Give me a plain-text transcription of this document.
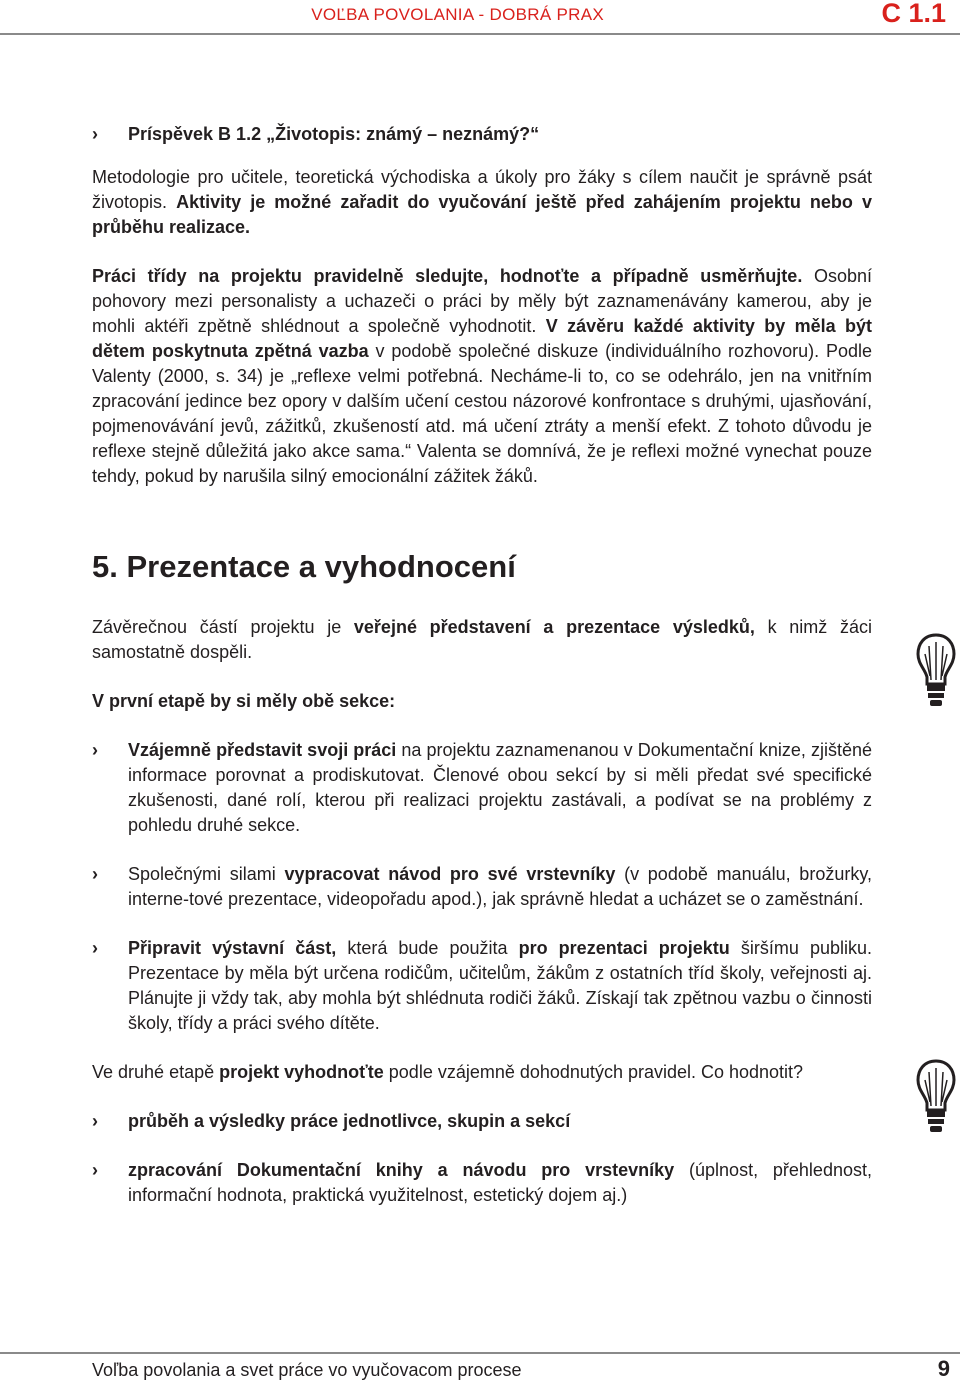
VOĽBA POVOLANIA - DOBRÁ PRAX	C 1.1

› Príspěvek B 1.2 „Životopis: známý – neznámý?“

Metodologie pro učitele, teoretická východiska a úkoly pro žáky s cílem naučit je správně psát životopis. Aktivity je možné zařadit do vyučování ještě před zahájením projektu nebo v průběhu realizace.

Práci třídy na projektu pravidelně sledujte, hodnoťte a případně usměrňujte. Osobní pohovory mezi personalisty a uchazeči o práci by měly být zaznamenávány kamerou, aby je mohli aktéři zpětně shlédnout a společně vyhodnotit. V závěru každé aktivity by měla být dětem poskytnuta zpětná vazba v podobě společné diskuze (individuálního rozhovoru). Podle Valenty (2000, s. 34) je „reflexe velmi potřebná. Necháme-li to, co se odehrálo, jen na vnitřním zpracování jedince bez opory v dalším učení cestou názorové konfrontace s druhými, ujasňování, pojmenovávání jevů, zážitků, zkušeností atd. má učení ztráty a menší efekt. Z tohoto důvodu je reflexe stejně důležitá jako akce sama.“ Valenta se domnívá, že je reflexi možné vynechat pouze tehdy, pokud by narušila silný emocionální zážitek žáků.

5. Prezentace a vyhodnocení

Závěrečnou částí projektu je veřejné představení a prezentace výsledků, k nimž žáci samostatně dospěli.

V první etapě by si měly obě sekce:

› Vzájemně představit svoji práci na projektu zaznamenanou v Dokumentační knize, zjištěné informace porovnat a prodiskutovat. Členové obou sekcí by si měli předat své specifické zkušenosti, dané rolí, kterou při realizaci projektu zastávali, a podívat se na problémy z pohledu druhé sekce.

› Společnými silami vypracovat návod pro své vrstevníky (v podobě manuálu, brožurky, interne-tové prezentace, videopořadu apod.), jak správně hledat a ucházet se o zaměstnání.

› Připravit výstavní část, která bude použita pro prezentaci projektu širšímu publiku. Prezentace by měla být určena rodičům, učitelům, žákům z ostatních tříd školy, veřejnosti aj. Plánujte ji vždy tak, aby mohla být shlédnuta rodiči žáků. Získají tak zpětnou vazbu o činnosti školy, třídy a práci svého dítěte.

Ve druhé etapě projekt vyhodnoťte podle vzájemně dohodnutých pravidel. Co hodnotit?

› průběh a výsledky práce jednotlivce, skupin a sekcí

› zpracování Dokumentační knihy a návodu pro vrstevníky (úplnost, přehlednost, informační hodnota, praktická využitelnost, estetický dojem aj.)

Voľba povolania a svet práce vo vyučovacom procese	9
